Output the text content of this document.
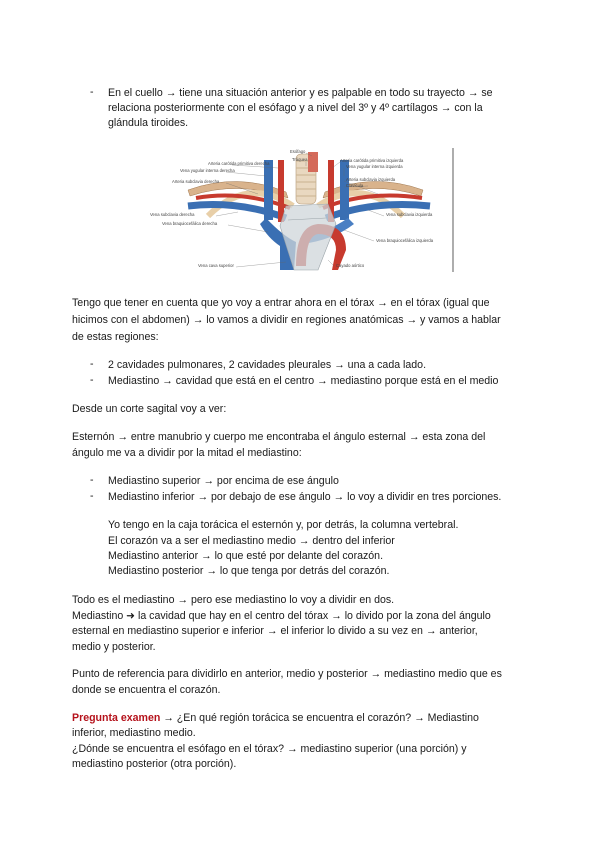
- En el cuello → tiene una situación anterior y es palpable en todo su trayecto → se
relaciona posteriormente con el esófago y a nivel del 3º y 4º cartílagos → con la
glándula tiroides.
Esófago
Tráquea
Arteria carótida primitiva derecha
Vena yugular interna derecha
Arteria subclavia derecha
Vena subclavia derecha
Vena braquiocefálica derecha
Vena cava superior
Arteria carótida primitiva izquierda
Vena yugular interna izquierda
Arteria subclavia izquierda
Clavícula
Vena subclavia izquierda
Vena braquiocefálica izquierda
Cayado aórtico
Tengo que tener en cuenta que yo voy a entrar ahora en el tórax → en el tórax (igual que
hicimos con el abdomen) → lo vamos a dividir en regiones anatómicas → y vamos a hablar
de estas regiones:
- 2 cavidades pulmonares, 2 cavidades pleurales → una a cada lado.
- Mediastino → cavidad que está en el centro → mediastino porque está en el medio
Desde un corte sagital voy a ver:
Esternón → entre manubrio y cuerpo me encontraba el ángulo esternal → esta zona del
ángulo me va a dividir por la mitad el mediastino:
- Mediastino superior → por encima de ese ángulo
- Mediastino inferior → por debajo de ese ángulo → lo voy a dividir en tres porciones.
Yo tengo en la caja torácica el esternón y, por detrás, la columna vertebral.
El corazón va a ser el mediastino medio → dentro del inferior
Mediastino anterior → lo que esté por delante del corazón.
Mediastino posterior → lo que tenga por detrás del corazón.
Todo es el mediastino → pero ese mediastino lo voy a dividir en dos.
Mediastino ➜ la cavidad que hay en el centro del tórax → lo divido por la zona del ángulo
esternal en mediastino superior e inferior → el inferior lo divido a su vez en → anterior,
medio y posterior.
Punto de referencia para dividirlo en anterior, medio y posterior → mediastino medio que es
donde se encuentra el corazón.
Pregunta examen → ¿En qué región torácica se encuentra el corazón? → Mediastino
inferior, mediastino medio.
¿Dónde se encuentra el esófago en el tórax? → mediastino superior (una porción) y
mediastino posterior (otra porción).
